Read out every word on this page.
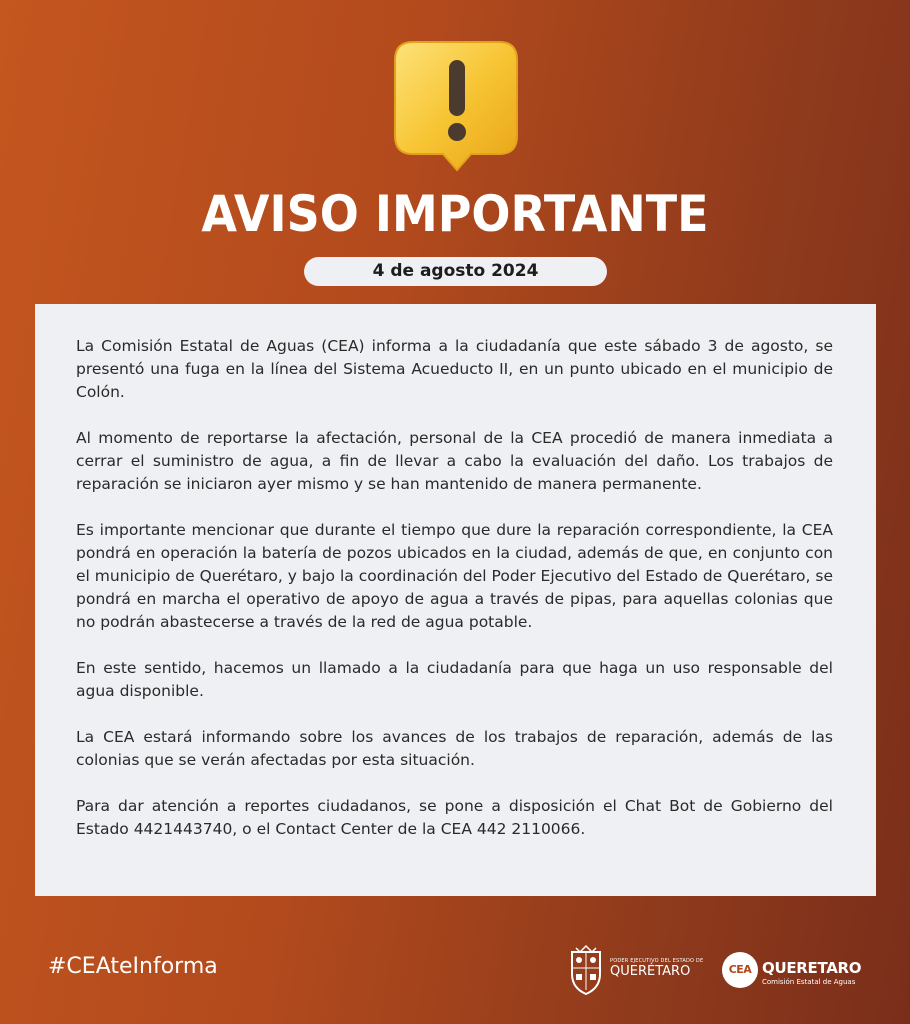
AVISO IMPORTANTE
4 de agosto 2024

La Comisión Estatal de Aguas (CEA) informa a la ciudadanía que este sábado 3 de agosto, se presentó una fuga en la línea del Sistema Acueducto II, en un punto ubicado en el municipio de Colón.

Al momento de reportarse la afectación, personal de la CEA procedió de manera inmediata a cerrar el suministro de agua, a fin de llevar a cabo la evaluación del daño. Los trabajos de reparación se iniciaron ayer mismo y se han mantenido de manera permanente.

Es importante mencionar que durante el tiempo que dure la reparación correspondiente, la CEA pondrá en operación la batería de pozos ubicados en la ciudad, además de que, en conjunto con el municipio de Querétaro, y bajo la coordinación del Poder Ejecutivo del Estado de Querétaro, se pondrá en marcha el operativo de apoyo de agua a través de pipas, para aquellas colonias que no podrán abastecerse a través de la red de agua potable.

En este sentido, hacemos un llamado a la ciudadanía para que haga un uso responsable del agua disponible.

La CEA estará informando sobre los avances de los trabajos de reparación, además de las colonias que se verán afectadas por esta situación.

Para dar atención a reportes ciudadanos, se pone a disposición el Chat Bot de Gobierno del Estado 4421443740, o el Contact Center de la CEA 442 2110066.

#CEAteInforma	PODER EJECUTIVO DEL ESTADO DE
QUERÉTARO	CEA QUERETARO
Comisión Estatal de Aguas
